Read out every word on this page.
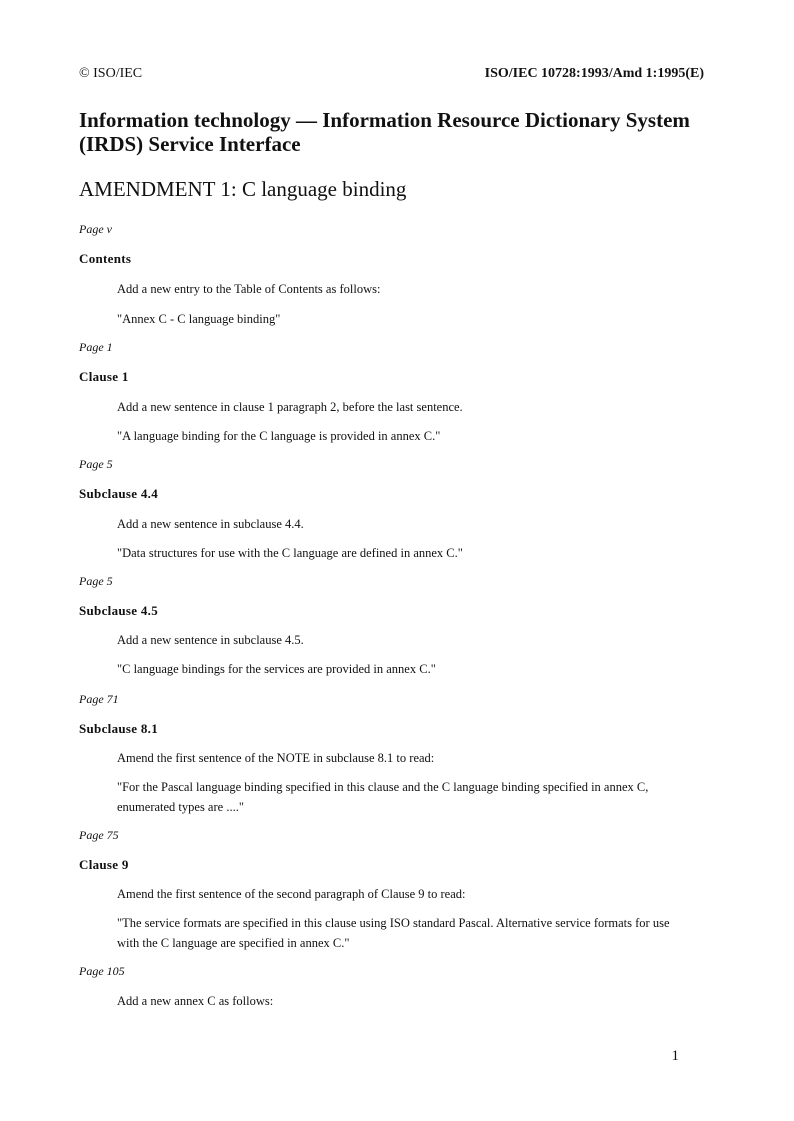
© ISO/IEC	ISO/IEC 10728:1993/Amd 1:1995(E)
Information technology — Information Resource Dictionary System (IRDS) Service Interface
AMENDMENT 1: C language binding
Page v
Contents
Add a new entry to the Table of Contents as follows:
"Annex C - C language binding"
Page 1
Clause 1
Add a new sentence in clause 1 paragraph 2, before the last sentence.
"A language binding for the C language is provided in annex C."
Page 5
Subclause 4.4
Add a new sentence in subclause 4.4.
"Data structures for use with the C language are defined in annex C."
Page 5
Subclause 4.5
Add a new sentence in subclause 4.5.
"C language bindings for the services are provided in annex C."
Page 71
Subclause 8.1
Amend the first sentence of the NOTE in subclause 8.1 to read:
"For the Pascal language binding specified in this clause and the C language binding specified in annex C, enumerated types are ...."
Page 75
Clause 9
Amend the first sentence of the second paragraph of Clause 9 to read:
"The service formats are specified in this clause using ISO standard Pascal. Alternative service formats for use with the C language are specified in annex C."
Page 105
Add a new annex C as follows:
1
